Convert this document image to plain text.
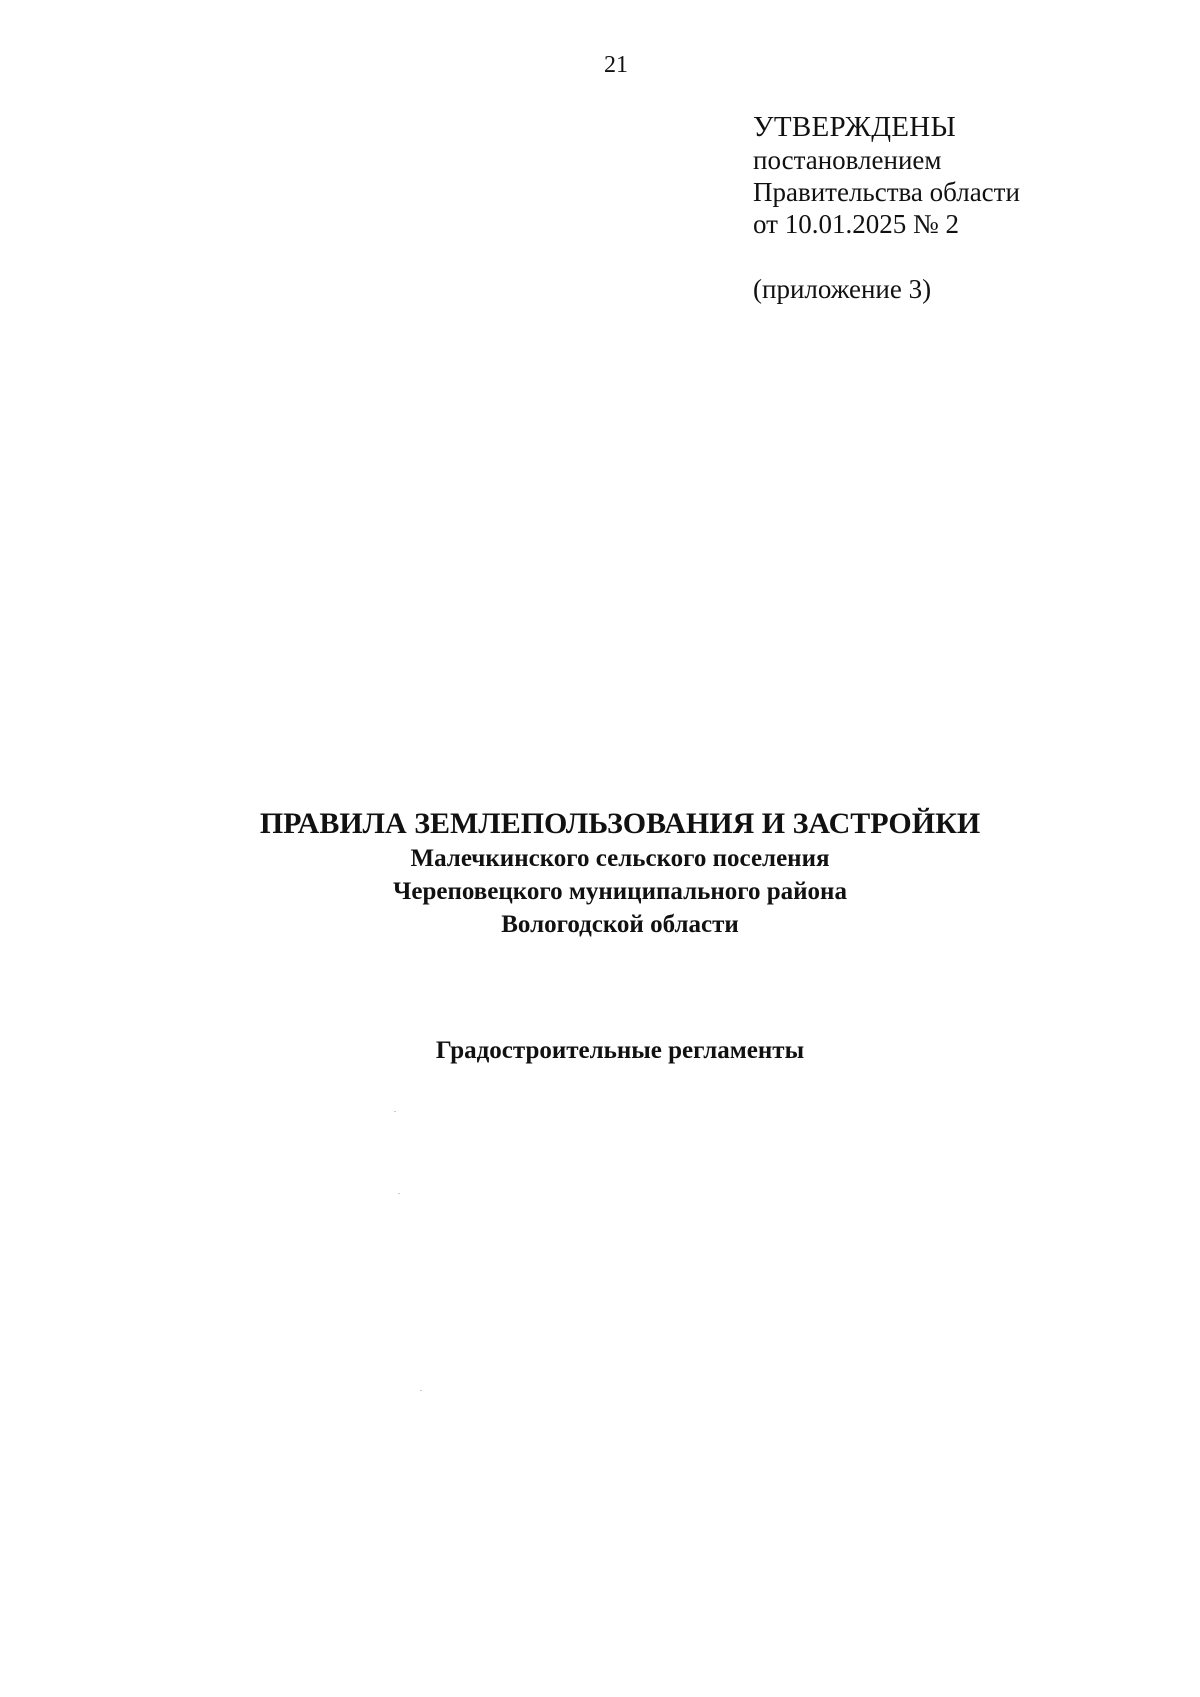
21
УТВЕРЖДЕНЫ
постановлением
Правительства области
от 10.01.2025 № 2
(приложение 3)
ПРАВИЛА ЗЕМЛЕПОЛЬЗОВАНИЯ И ЗАСТРОЙКИ
Малечкинского сельского поселения
Череповецкого муниципального района
Вологодской области
Градостроительные регламенты
